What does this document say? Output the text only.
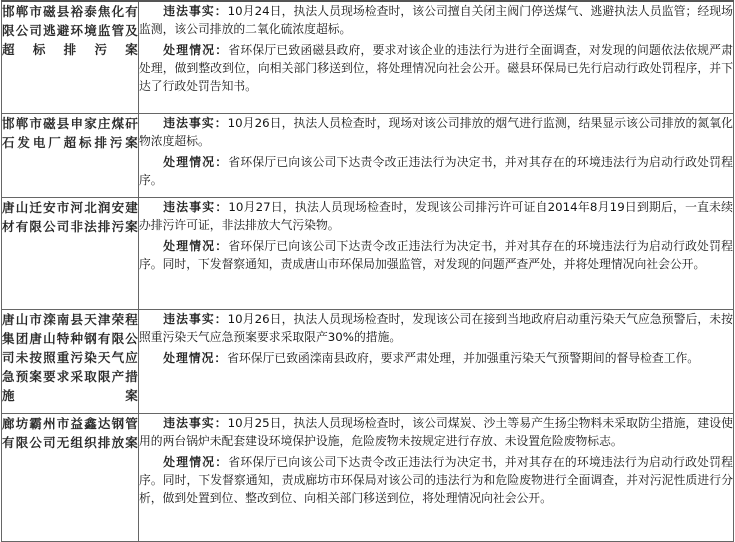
邯郸市磁县裕泰焦化有限公司逃避环境监管及超标排污案	违法事实：10月24日，执法人员现场检查时，该公司擅自关闭主阀门停送煤气、逃避执法人员监管；经现场监测，该公司排放的二氧化硫浓度超标。

处理情况：省环保厅已致函磁县政府，要求对该企业的违法行为进行全面调查，对发现的问题依法依规严肃处理，做到整改到位，向相关部门移送到位，将处理情况向社会公开。磁县环保局已先行启动行政处罚程序，并下达了行政处罚告知书。

邯郸市磁县申家庄煤矸石发电厂超标排污案	违法事实：10月26日，执法人员检查时，现场对该公司排放的烟气进行监测，结果显示该公司排放的氮氧化物浓度超标。

处理情况：省环保厅已向该公司下达责令改正违法行为决定书，并对其存在的环境违法行为启动行政处罚程序。

唐山迁安市河北润安建材有限公司非法排污案	违法事实：10月27日，执法人员现场检查时，发现该公司排污许可证自2014年8月19日到期后，一直未续办排污许可证，非法排放大气污染物。

处理情况：省环保厅已向该公司下达责令改正违法行为决定书，并对其存在的环境违法行为启动行政处罚程序。同时，下发督察通知，责成唐山市环保局加强监管，对发现的问题严查严处，并将处理情况向社会公开。

唐山市滦南县天津荣程集团唐山特种钢有限公司未按照重污染天气应急预案要求采取限产措施案	违法事实：10月26日，执法人员现场检查时，发现该公司在接到当地政府启动重污染天气应急预警后，未按照重污染天气应急预案要求采取限产30%的措施。

处理情况：省环保厅已致函滦南县政府，要求严肃处理，并加强重污染天气预警期间的督导检查工作。

廊坊霸州市益鑫达钢管有限公司无组织排放案	违法事实：10月25日，执法人员现场检查时，该公司煤炭、沙土等易产生扬尘物料未采取防尘措施，建设使用的两台锅炉未配套建设环境保护设施，危险废物未按规定进行存放、未设置危险废物标志。

处理情况：省环保厅已向该公司下达责令改正违法行为决定书，并对其存在的环境违法行为启动行政处罚程序。同时，下发督察通知，责成廊坊市环保局对该公司的违法行为和危险废物进行全面调查，并对污泥性质进行分析，做到处置到位、整改到位、向相关部门移送到位，将处理情况向社会公开。
